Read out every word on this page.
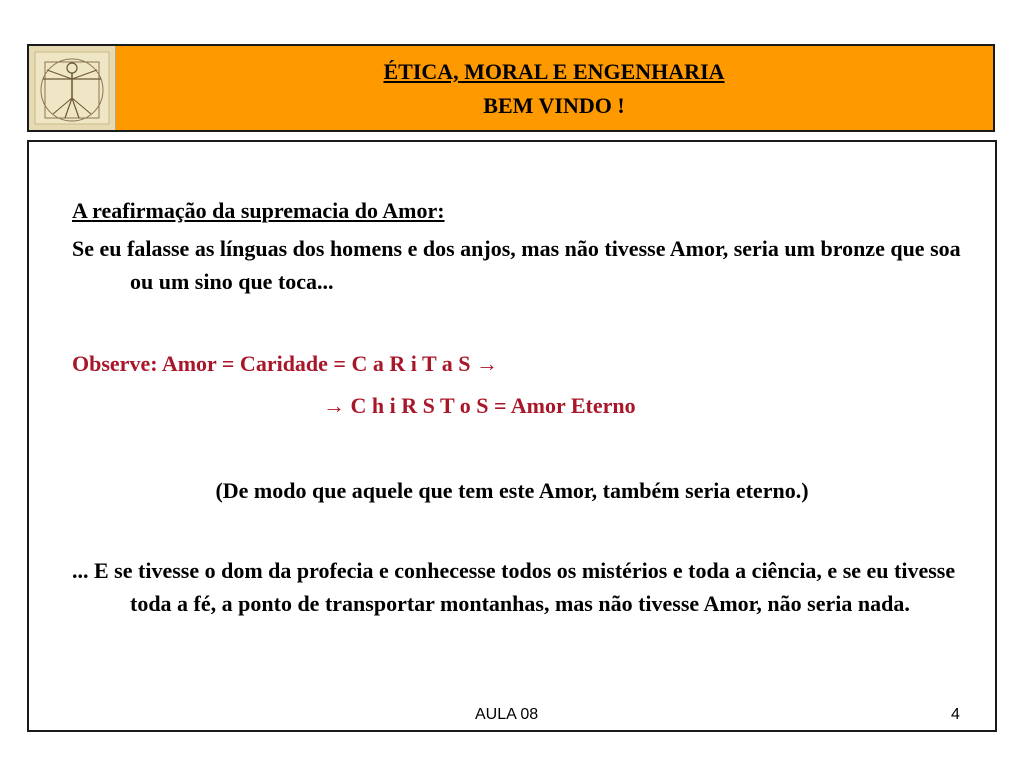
ÉTICA, MORAL E ENGENHARIA
BEM VINDO !
A reafirmação da supremacia do Amor:
Se eu falasse as línguas dos homens e dos anjos, mas não tivesse Amor, seria um bronze que soa ou um sino que toca...
Observe: Amor = Caridade = C a R i T a S →
→ C h i R S T o S = Amor Eterno
(De modo que aquele que tem este Amor, também seria eterno.)
... E se tivesse o dom da profecia e conhecesse todos os mistérios e toda a ciência, e se eu tivesse toda a fé, a ponto de transportar montanhas, mas não tivesse Amor, não seria nada.
AULA 08	4
